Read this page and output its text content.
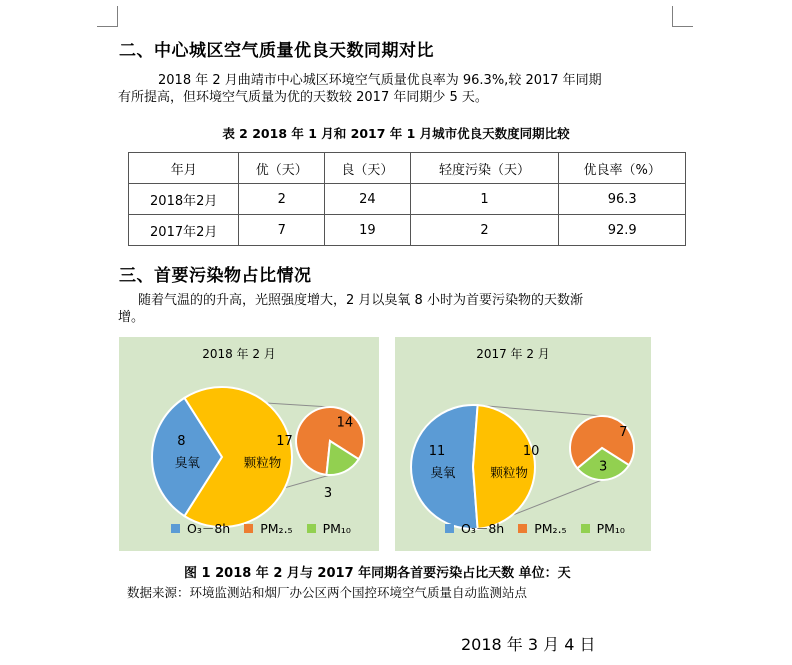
二、中心城区空气质量优良天数同期对比
2018 年 2 月曲靖市中心城区环境空气质量优良率为 96.3%,较 2017 年同期
有所提高，但环境空气质量为优的天数较 2017 年同期少 5 天。
表 2 2018 年 1 月和 2017 年 1 月城市优良天数度同期比较
年月	优（天）	良（天）	轻度污染（天）	优良率（%）
2018年2月	2	24	1	96.3
2017年2月	7	19	2	92.9
三、首要污染物占比情况
随着气温的的升高，光照强度增大，2 月以臭氧 8 小时为首要污染物的天数渐
增。
2018 年 2 月
8
臭氧
17
颗粒物
14
3
O₃－8h PM₂.₅ PM₁₀
2017 年 2 月
11
臭氧
10
颗粒物
7
3
O₃－8h PM₂.₅ PM₁₀
图 1 2018 年 2 月与 2017 年同期各首要污染占比天数 单位：天
数据来源：环境监测站和烟厂办公区两个国控环境空气质量自动监测站点
2018 年 3 月 4 日
